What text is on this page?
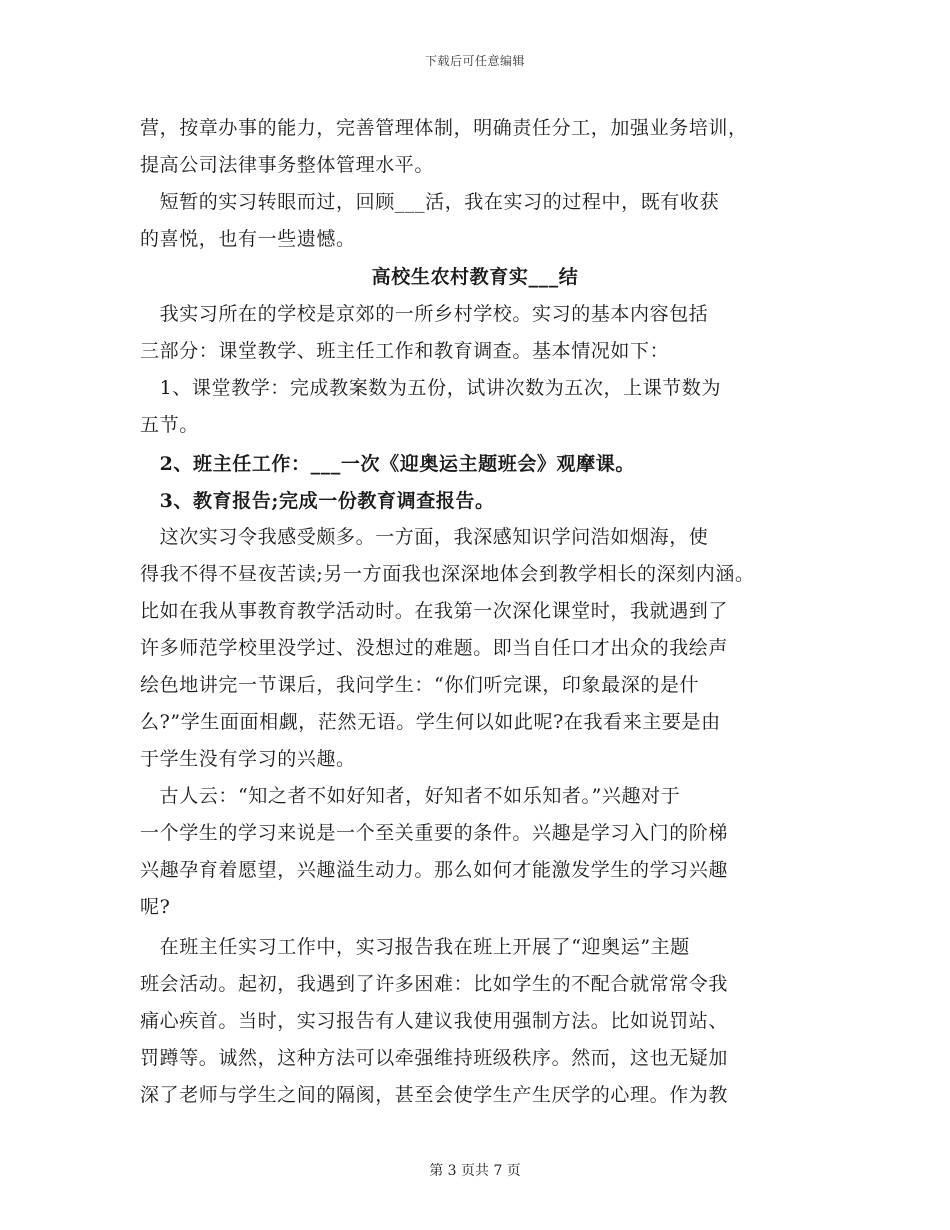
下载后可任意编辑
营，按章办事的能力，完善管理体制，明确责任分工，加强业务培训，
提高公司法律事务整体管理水平。
　短暂的实习转眼而过，回顾___活，我在实习的过程中，既有收获
的喜悦，也有一些遗憾。
高校生农村教育实___结
　我实习所在的学校是京郊的一所乡村学校。实习的基本内容包括
三部分：课堂教学、班主任工作和教育调查。基本情况如下：
　1、课堂教学：完成教案数为五份，试讲次数为五次，上课节数为
五节。
　2、班主任工作：___一次《迎奥运主题班会》观摩课。
　3、教育报告;完成一份教育调查报告。
　这次实习令我感受颇多。一方面，我深感知识学问浩如烟海，使
得我不得不昼夜苦读;另一方面我也深深地体会到教学相长的深刻内涵。
比如在我从事教育教学活动时。在我第一次深化课堂时，我就遇到了
许多师范学校里没学过、没想过的难题。即当自任口才出众的我绘声
绘色地讲完一节课后，我问学生：“你们听完课，印象最深的是什
么?”学生面面相觑，茫然无语。学生何以如此呢?在我看来主要是由
于学生没有学习的兴趣。
　古人云：“知之者不如好知者，好知者不如乐知者。”兴趣对于
一个学生的学习来说是一个至关重要的条件。兴趣是学习入门的阶梯
兴趣孕育着愿望，兴趣溢生动力。那么如何才能激发学生的学习兴趣
呢?
　在班主任实习工作中，实习报告我在班上开展了“迎奥运”主题
班会活动。起初，我遇到了许多困难：比如学生的不配合就常常令我
痛心疾首。当时，实习报告有人建议我使用强制方法。比如说罚站、
罚蹲等。诚然，这种方法可以牵强维持班级秩序。然而，这也无疑加
深了老师与学生之间的隔阂，甚至会使学生产生厌学的心理。作为教
第 3 页共 7 页
